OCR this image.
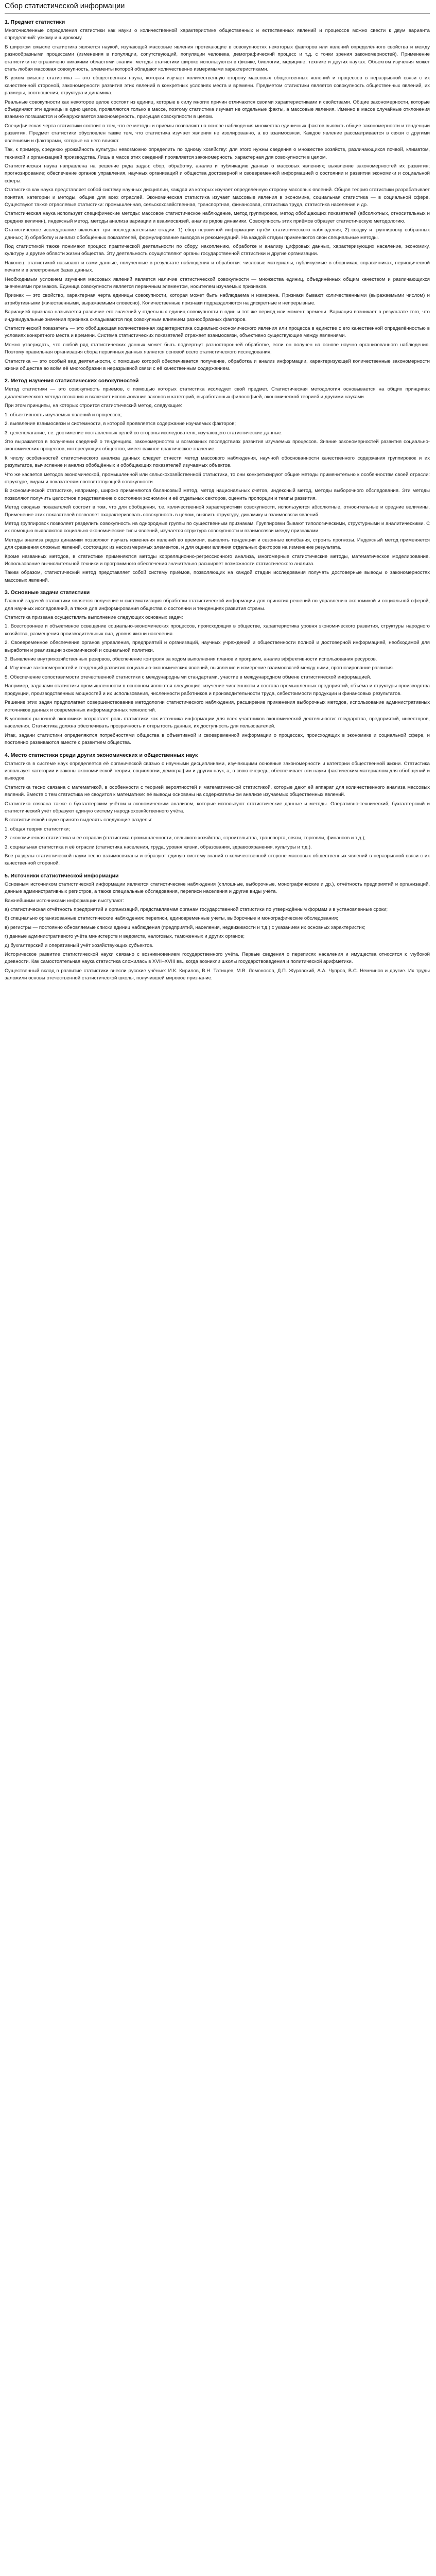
Сбор статистической информации
1. Предмет статистики

Многочисленные определения статистики как науки о количественной характеристике общественных и естественных явлений и процессов можно свести к двум варианта определений: узкому и широкому.

В широком смысле статистика является наукой, изучающей массовые явления протекающие в совокупностях некоторых факторов или явлений определённого свойства и между разнообразными процессами (изменения в популяции, сопутствующий, популяции человека, демографический процесс и т.д. с точки зрения закономерностей). Применение статистики не ограничено никакими областями знания: методы статистики широко используются в физике, биологии, медицине, технике и других науках. Объектом изучения может стать любая массовая совокупность, элементы которой обладают количественно измеримыми характеристиками.

В узком смысле статистика — это общественная наука, которая изучает количественную сторону массовых общественных явлений и процессов в неразрывной связи с их качественной стороной, закономерности развития этих явлений в конкретных условиях места и времени. Предметом статистики является совокупность общественных явлений, их размеры, соотношения, структура и динамика.

Реальные совокупности как некоторое целое состоят из единиц, которые в силу многих причин отличаются своими характеристиками и свойствами. Общие закономерности, которые объединяют эти единицы в одно целое, проявляются только в массе, поэтому статистика изучает не отдельные факты, а массовые явления. Именно в массе случайные отклонения взаимно погашаются и обнаруживается закономерность, присущая совокупности в целом.

Специфическая черта статистики состоит в том, что её методы и приёмы позволяют на основе наблюдения множества единичных фактов выявить общие закономерности и тенденции развития. Предмет статистики обусловлен также тем, что статистика изучает явления не изолированно, а во взаимосвязи. Каждое явление рассматривается в связи с другими явлениями и факторами, которые на него влияют.

Так, к примеру, среднюю урожайность культуры невозможно определить по одному хозяйству: для этого нужны сведения о множестве хозяйств, различающихся почвой, климатом, техникой и организацией производства. Лишь в массе этих сведений проявляется закономерность, характерная для совокупности в целом.

Статистическая наука направлена на решение ряда задач: сбор, обработку, анализ и публикацию данных о массовых явлениях; выявление закономерностей их развития; прогнозирование; обеспечение органов управления, научных организаций и общества достоверной и своевременной информацией о состоянии и развитии экономики и социальной сферы.

Статистика как наука представляет собой систему научных дисциплин, каждая из которых изучает определённую сторону массовых явлений. Общая теория статистики разрабатывает понятия, категории и методы, общие для всех отраслей. Экономическая статистика изучает массовые явления в экономике, социальная статистика — в социальной сфере. Существуют также отраслевые статистики: промышленная, сельскохозяйственная, транспортная, финансовая, статистика труда, статистика населения и др.

Статистическая наука использует специфические методы: массовое статистическое наблюдение, метод группировок, метод обобщающих показателей (абсолютных, относительных и средних величин), индексный метод, методы анализа вариации и взаимосвязей, анализ рядов динамики. Совокупность этих приёмов образует статистическую методологию.

Статистическое исследование включает три последовательные стадии: 1) сбор первичной информации путём статистического наблюдения; 2) сводку и группировку собранных данных; 3) обработку и анализ обобщённых показателей, формулирование выводов и рекомендаций. На каждой стадии применяются свои специальные методы.

Под статистикой также понимают процесс практической деятельности по сбору, накоплению, обработке и анализу цифровых данных, характеризующих население, экономику, культуру и другие области жизни общества. Эту деятельность осуществляют органы государственной статистики и другие организации.

Наконец, статистикой называют и сами данные, полученные в результате наблюдения и обработки: числовые материалы, публикуемые в сборниках, справочниках, периодической печати и в электронных базах данных.

Необходимым условием изучения массовых явлений является наличие статистической совокупности — множества единиц, объединённых общим качеством и различающихся значениями признаков. Единица совокупности является первичным элементом, носителем изучаемых признаков.

Признак — это свойство, характерная черта единицы совокупности, которая может быть наблюдаема и измерена. Признаки бывают количественными (выражаемыми числом) и атрибутивными (качественными, выражаемыми словесно). Количественные признаки подразделяются на дискретные и непрерывные.

Вариацией признака называется различие его значений у отдельных единиц совокупности в один и тот же период или момент времени. Вариация возникает в результате того, что индивидуальные значения признака складываются под совокупным влиянием разнообразных факторов.

Статистический показатель — это обобщающая количественная характеристика социально-экономического явления или процесса в единстве с его качественной определённостью в условиях конкретного места и времени. Система статистических показателей отражает взаимосвязи, объективно существующие между явлениями.

Можно утверждать, что любой ряд статистических данных может быть подвергнут разносторонней обработке, если он получен на основе научно организованного наблюдения. Поэтому правильная организация сбора первичных данных является основой всего статистического исследования.

Статистика — это особый вид деятельности, с помощью которой обеспечивается получение, обработка и анализ информации, характеризующей количественные закономерности жизни общества во всём её многообразии в неразрывной связи с её качественным содержанием.

2. Метод изучения статистических совокупностей

Метод статистики — это совокупность приёмов, с помощью которых статистика исследует свой предмет. Статистическая методология основывается на общих принципах диалектического метода познания и включает использование законов и категорий, выработанных философией, экономической теорией и другими науками.

При этом принципы, на которых строится статистический метод, следующие:

1. объективность изучаемых явлений и процессов;

2. выявление взаимосвязи и системности, в которой проявляется содержание изучаемых факторов;

3. целеполагание, т.е. достижение поставленных целей со стороны исследователя, изучающего статистические данные.

Это выражается в получении сведений о тенденциях, закономерностях и возможных последствиях развития изучаемых процессов. Знание закономерностей развития социально-экономических процессов, интересующих общество, имеет важное практическое значение.

К числу особенностей статистического анализа данных следует отнести метод массового наблюдения, научной обоснованности качественного содержания группировок и их результатов, вычисление и анализ обобщённых и обобщающих показателей изучаемых объектов.

Что же касается методов экономической, промышленной или сельскохозяйственной статистики, то они конкретизируют общие методы применительно к особенностям своей отрасли: структуре, видам и показателям соответствующей совокупности.

В экономической статистике, например, широко применяются балансовый метод, метод национальных счетов, индексный метод, методы выборочного обследования. Эти методы позволяют получить целостное представление о состоянии экономики и её отдельных секторов, оценить пропорции и темпы развития.

Метод сводных показателей состоит в том, что для обобщения, т.е. количественной характеристики совокупности, используются абсолютные, относительные и средние величины. Применение этих показателей позволяет охарактеризовать совокупность в целом, выявить структуру, динамику и взаимосвязи явлений.

Метод группировок позволяет разделить совокупность на однородные группы по существенным признакам. Группировки бывают типологическими, структурными и аналитическими. С их помощью выявляются социально-экономические типы явлений, изучается структура совокупности и взаимосвязи между признаками.

Методы анализа рядов динамики позволяют изучать изменения явлений во времени, выявлять тенденции и сезонные колебания, строить прогнозы. Индексный метод применяется для сравнения сложных явлений, состоящих из несоизмеримых элементов, и для оценки влияния отдельных факторов на изменение результата.

Кроме названных методов, в статистике применяются методы корреляционно-регрессионного анализа, многомерные статистические методы, математическое моделирование. Использование вычислительной техники и программного обеспечения значительно расширяет возможности статистического анализа.

Таким образом, статистический метод представляет собой систему приёмов, позволяющих на каждой стадии исследования получать достоверные выводы о закономерностях массовых явлений.

3. Основные задачи статистики

Главной задачей статистики является получение и систематизация обработки статистической информации для принятия решений по управлению экономикой и социальной сферой, для научных исследований, а также для информирования общества о состоянии и тенденциях развития страны.

Статистика призвана осуществлять выполнение следующих основных задач:

1. Всестороннее и объективное освещение социально-экономических процессов, происходящих в обществе, характеристика уровня экономического развития, структуры народного хозяйства, размещения производительных сил, уровня жизни населения.

2. Своевременное обеспечение органов управления, предприятий и организаций, научных учреждений и общественности полной и достоверной информацией, необходимой для выработки и реализации экономической и социальной политики.

3. Выявление внутрихозяйственных резервов, обеспечение контроля за ходом выполнения планов и программ, анализ эффективности использования ресурсов.

4. Изучение закономерностей и тенденций развития социально-экономических явлений, выявление и измерение взаимосвязей между ними, прогнозирование развития.

5. Обеспечение сопоставимости отечественной статистики с международными стандартами, участие в международном обмене статистической информацией.

Например, задачами статистики промышленности в основном являются следующие: изучение численности и состава промышленных предприятий, объёма и структуры производства продукции, производственных мощностей и их использования, численности работников и производительности труда, себестоимости продукции и финансовых результатов.

Решение этих задач предполагает совершенствование методологии статистического наблюдения, расширение применения выборочных методов, использование административных источников данных и современных информационных технологий.

В условиях рыночной экономики возрастает роль статистики как источника информации для всех участников экономической деятельности: государства, предприятий, инвесторов, населения. Статистика должна обеспечивать прозрачность и открытость данных, их доступность для пользователей.

Итак, задачи статистики определяются потребностями общества в объективной и своевременной информации о процессах, происходящих в экономике и социальной сфере, и постоянно развиваются вместе с развитием общества.

4. Место статистики среди других экономических и общественных наук

Статистика в системе наук определяется её органической связью с научными дисциплинами, изучающими основные закономерности и категории общественной жизни. Статистика использует категории и законы экономической теории, социологии, демографии и других наук, а, в свою очередь, обеспечивает эти науки фактическим материалом для обобщений и выводов.

Статистика тесно связана с математикой, в особенности с теорией вероятностей и математической статистикой, которые дают ей аппарат для количественного анализа массовых явлений. Вместе с тем статистика не сводится к математике: её выводы основаны на содержательном анализе изучаемых общественных явлений.

Статистика связана также с бухгалтерским учётом и экономическим анализом, которые используют статистические данные и методы. Оперативно-технический, бухгалтерский и статистический учёт образуют единую систему народнохозяйственного учёта.

В статистической науке принято выделять следующие разделы:

1. общая теория статистики;

2. экономическая статистика и её отрасли (статистика промышленности, сельского хозяйства, строительства, транспорта, связи, торговли, финансов и т.д.);

3. социальная статистика и её отрасли (статистика населения, труда, уровня жизни, образования, здравоохранения, культуры и т.д.).

Все разделы статистической науки тесно взаимосвязаны и образуют единую систему знаний о количественной стороне массовых общественных явлений в неразрывной связи с их качественной стороной.

5. Источники статистической информации

Основным источником статистической информации являются статистические наблюдения (сплошные, выборочные, монографические и др.), отчётность предприятий и организаций, данные административных регистров, а также специальные обследования, переписи населения и другие виды учёта.

Важнейшими источниками информации выступают:

а) статистическая отчётность предприятий и организаций, представляемая органам государственной статистики по утверждённым формам и в установленные сроки;

б) специально организованные статистические наблюдения: переписи, единовременные учёты, выборочные и монографические обследования;

в) регистры — постоянно обновляемые списки единиц наблюдения (предприятий, населения, недвижимости и т.д.) с указанием их основных характеристик;

г) данные административного учёта министерств и ведомств, налоговых, таможенных и других органов;

д) бухгалтерский и оперативный учёт хозяйствующих субъектов.

Историческое развитие статистической науки связано с возникновением государственного учёта. Первые сведения о переписях населения и имущества относятся к глубокой древности. Как самостоятельная наука статистика сложилась в XVII–XVIII вв., когда возникли школы государствоведения и политической арифметики.

Существенный вклад в развитие статистики внесли русские учёные: И.К. Кирилов, В.Н. Татищев, М.В. Ломоносов, Д.П. Журавский, А.А. Чупров, В.С. Немчинов и другие. Их труды заложили основы отечественной статистической школы, получившей мировое признание.
